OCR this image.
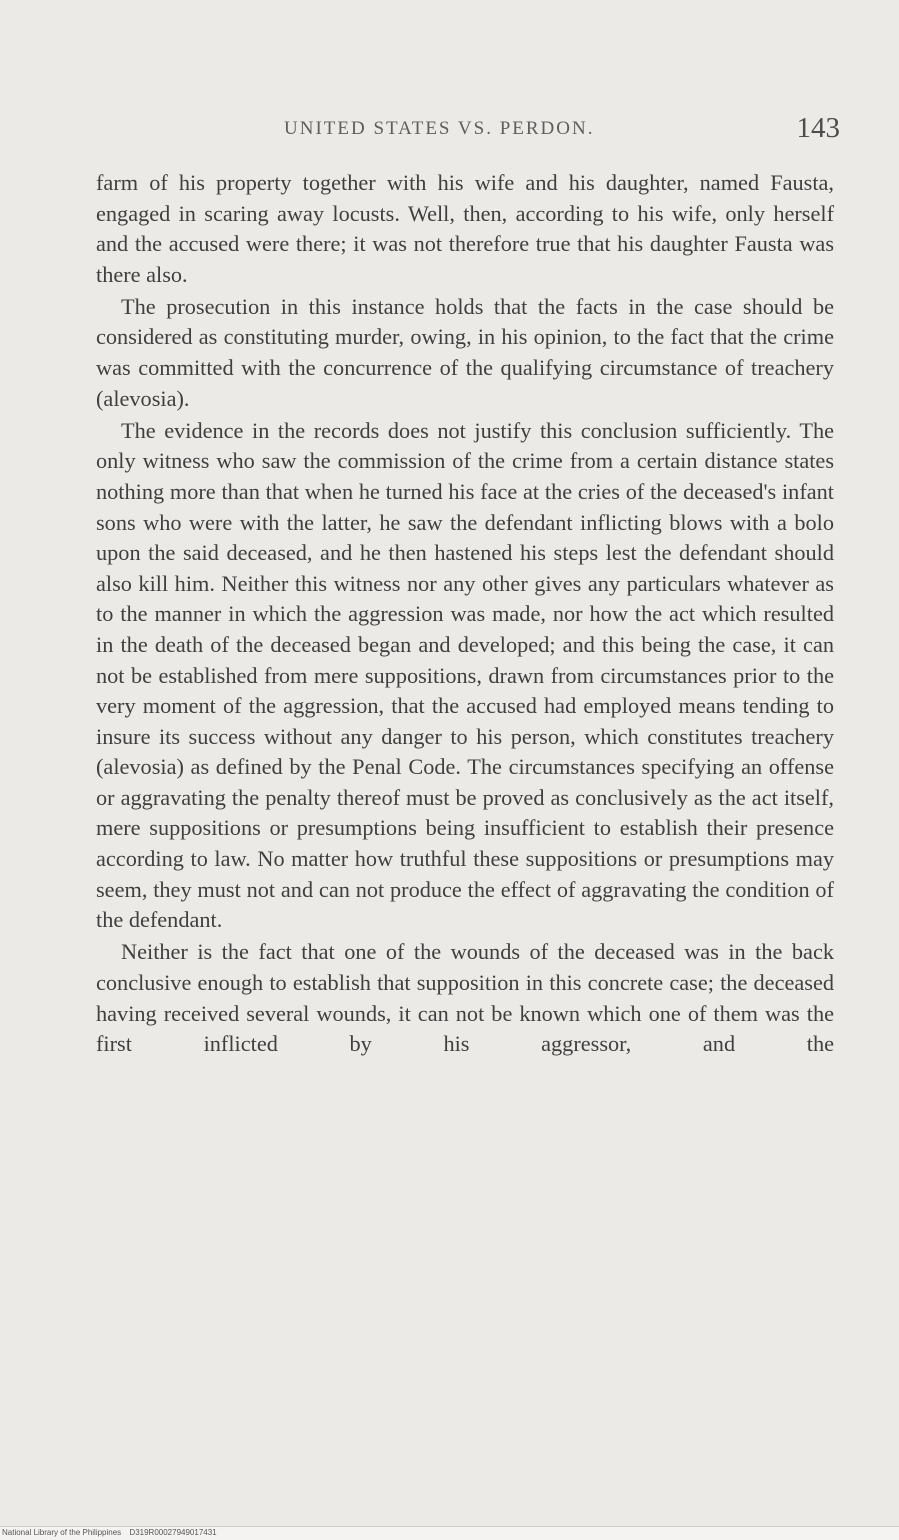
UNITED STATES VS. PERDON.	143

farm of his property together with his wife and his daughter, named Fausta, engaged in scaring away locusts. Well, then, according to his wife, only herself and the accused were there; it was not therefore true that his daughter Fausta was there also.

The prosecution in this instance holds that the facts in the case should be considered as constituting murder, owing, in his opinion, to the fact that the crime was committed with the concurrence of the qualifying circumstance of treachery (alevosia).

The evidence in the records does not justify this conclusion sufficiently. The only witness who saw the commission of the crime from a certain distance states nothing more than that when he turned his face at the cries of the deceased's infant sons who were with the latter, he saw the defendant inflicting blows with a bolo upon the said deceased, and he then hastened his steps lest the defendant should also kill him. Neither this witness nor any other gives any particulars whatever as to the manner in which the aggression was made, nor how the act which resulted in the death of the deceased began and developed; and this being the case, it can not be established from mere suppositions, drawn from circumstances prior to the very moment of the aggression, that the accused had employed means tending to insure its success without any danger to his person, which constitutes treachery (alevosia) as defined by the Penal Code. The circumstances specifying an offense or aggravating the penalty thereof must be proved as conclusively as the act itself, mere suppositions or presumptions being insufficient to establish their presence according to law. No matter how truthful these suppositions or presumptions may seem, they must not and can not produce the effect of aggravating the condition of the defendant.

Neither is the fact that one of the wounds of the deceased was in the back conclusive enough to establish that supposition in this concrete case; the deceased having received several wounds, it can not be known which one of them was the first inflicted by his aggressor, and the

National Library of the Philippines D319R00027949017431
